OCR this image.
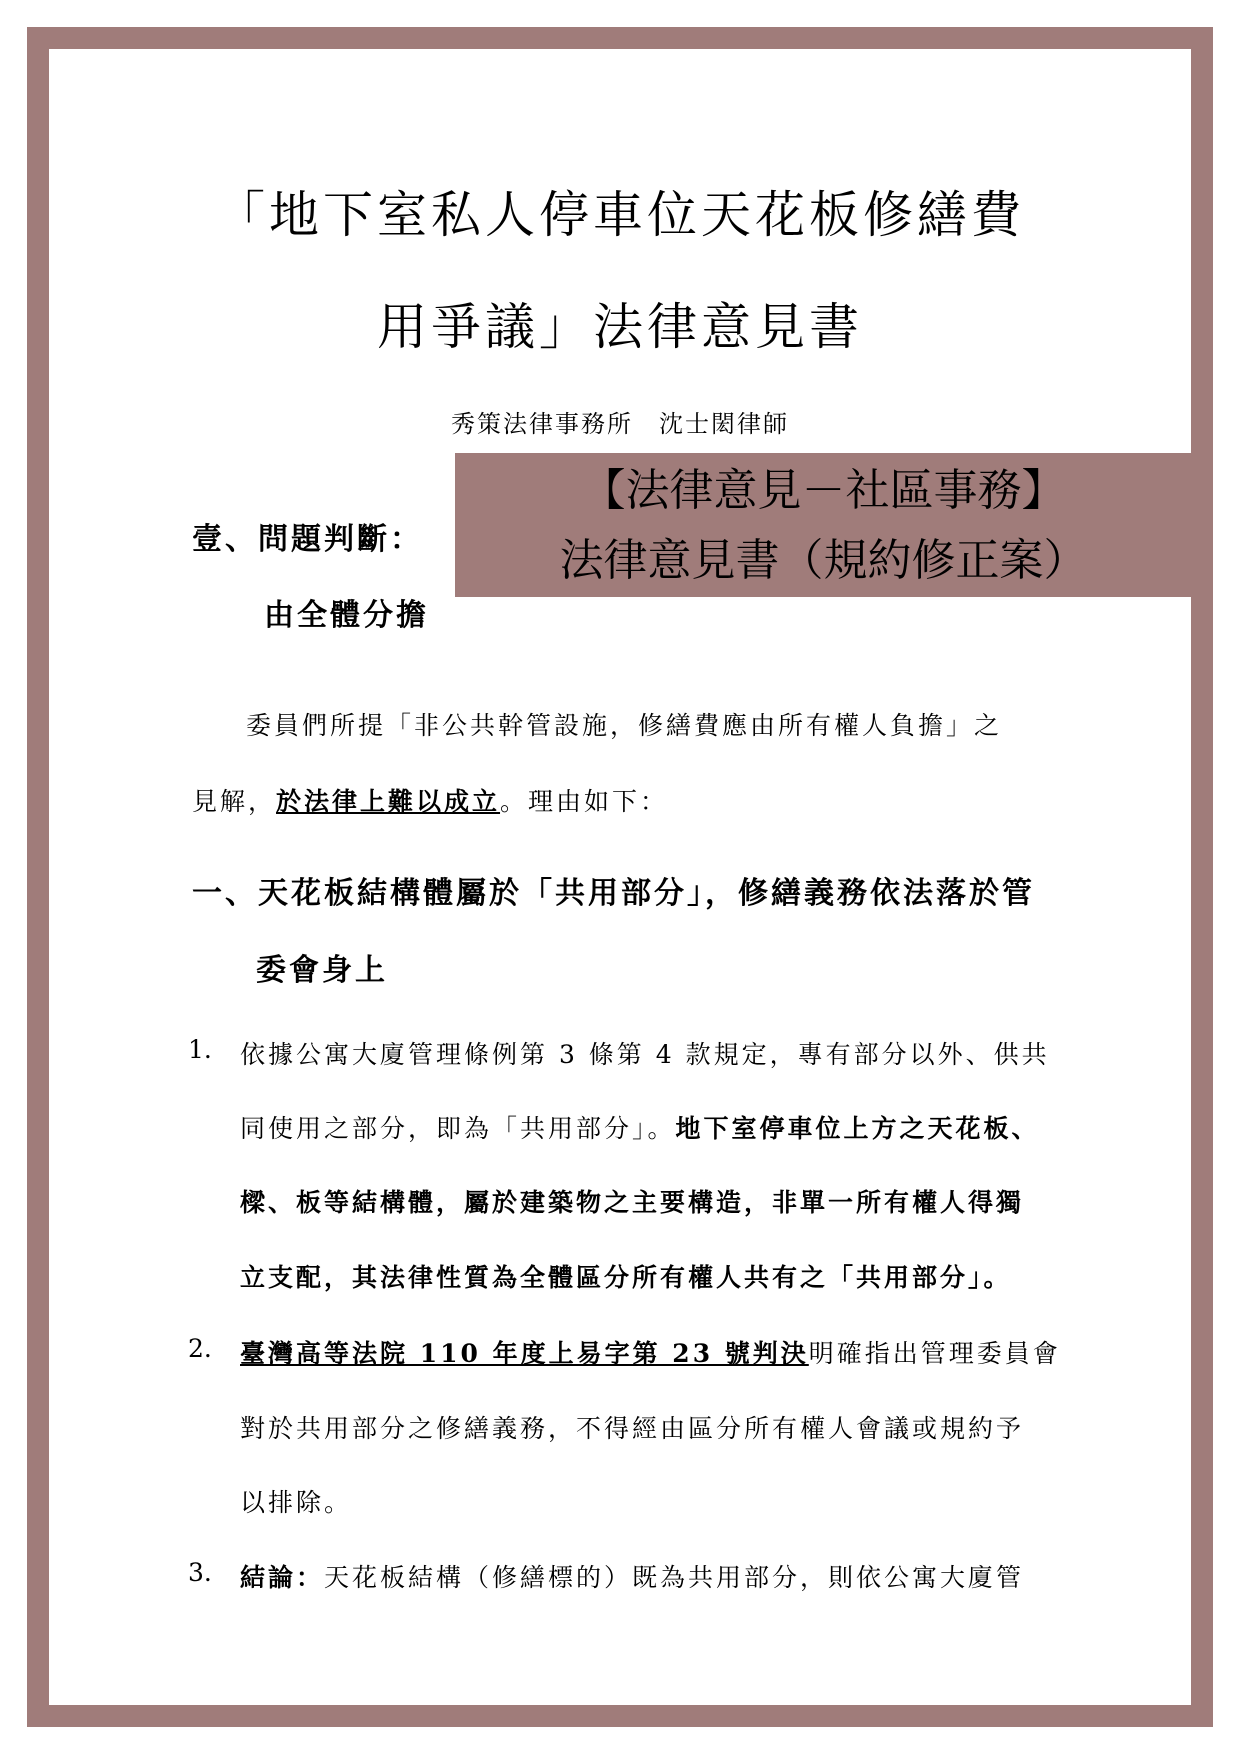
「地下室私人停車位天花板修繕費
用爭議」法律意見書
秀策法律事務所　沈士閎律師
壹、問題判斷：
由全體分擔
【法律意見－社區事務】
法律意見書（規約修正案）
委員們所提「非公共幹管設施，修繕費應由所有權人負擔」之
見解，於法律上難以成立。理由如下：
一、天花板結構體屬於「共用部分」，修繕義務依法落於管
委會身上
1. 依據公寓大廈管理條例第 3 條第 4 款規定，專有部分以外、供共
同使用之部分，即為「共用部分」。地下室停車位上方之天花板、
樑、板等結構體，屬於建築物之主要構造，非單一所有權人得獨
立支配，其法律性質為全體區分所有權人共有之「共用部分」。
2. 臺灣高等法院 110 年度上易字第 23 號判決明確指出管理委員會
對於共用部分之修繕義務，不得經由區分所有權人會議或規約予
以排除。
3. 結論：天花板結構（修繕標的）既為共用部分，則依公寓大廈管
